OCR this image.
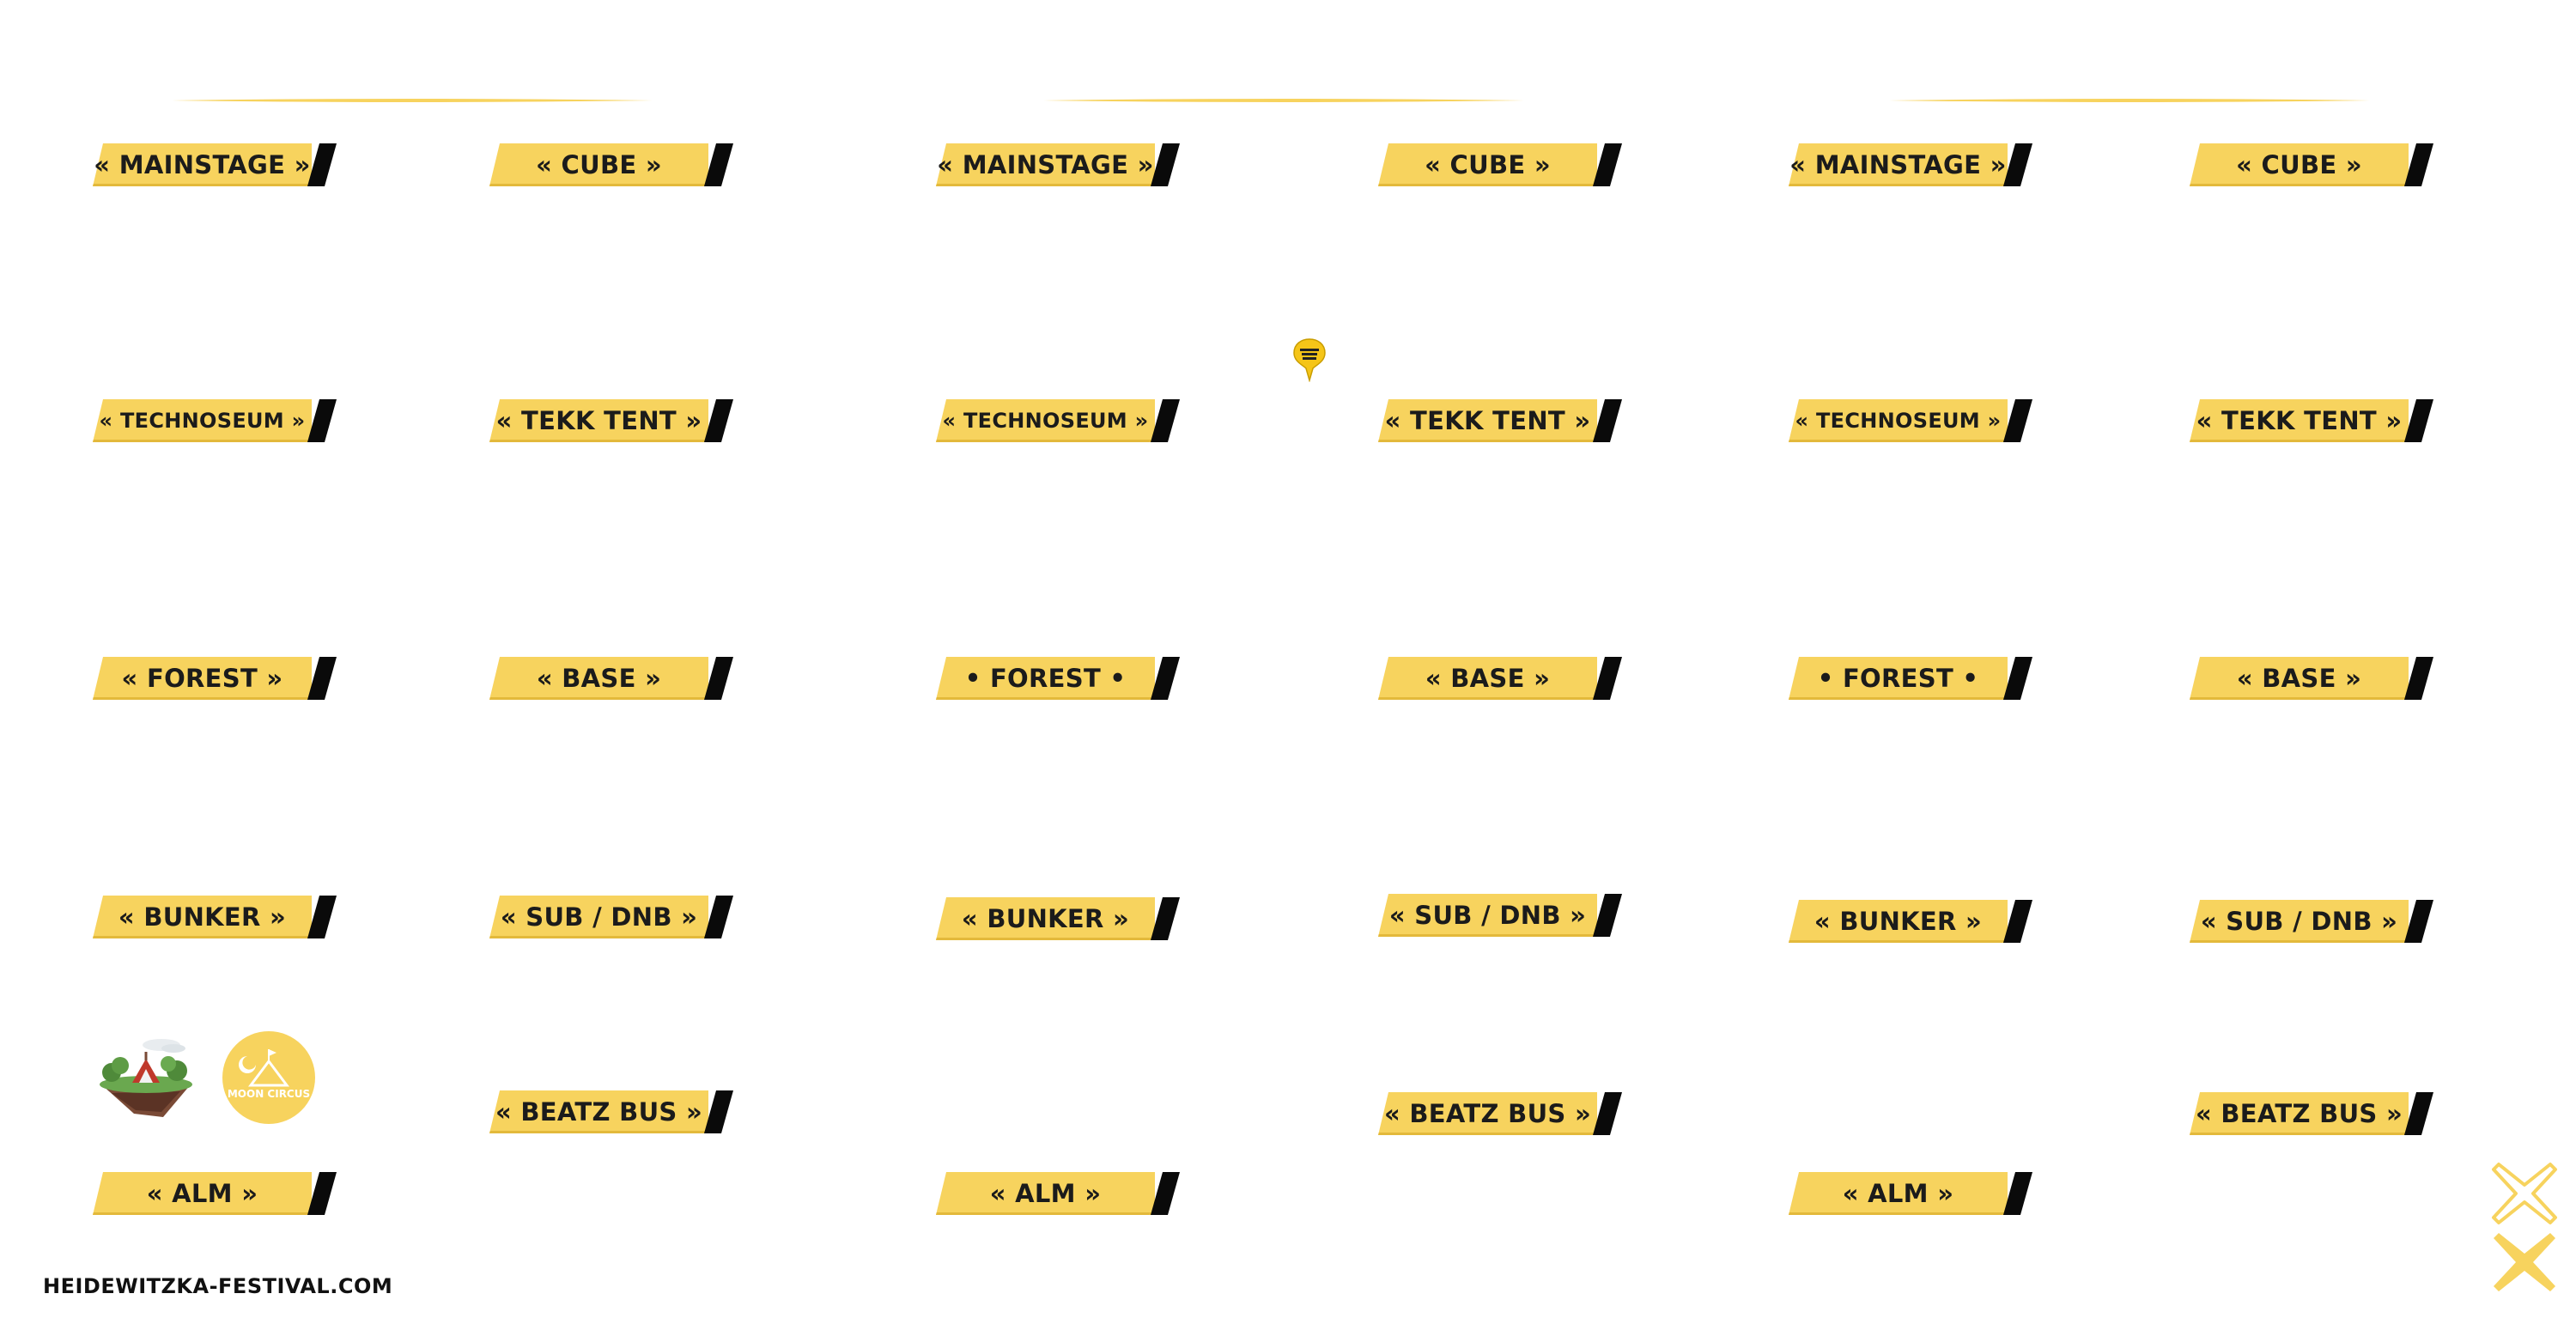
« MAINSTAGE »	« CUBE »
« TECHNOSEUM »	« TEKK TENT »
« FOREST »	« BASE »
« BUNKER »	« SUB / DNB »
« BEATZ BUS »
« ALM »
« MAINSTAGE »	« CUBE »
« TECHNOSEUM »	« TEKK TENT »
• FOREST •	« BASE »
« BUNKER »	« SUB / DNB »
« BEATZ BUS »
« ALM »
« MAINSTAGE »	« CUBE »
« TECHNOSEUM »	« TEKK TENT »
• FOREST •	« BASE »
« BUNKER »	« SUB / DNB »
« BEATZ BUS »
« ALM »
MOON CIRCUS
HEIDEWITZKA-FESTIVAL.COM
